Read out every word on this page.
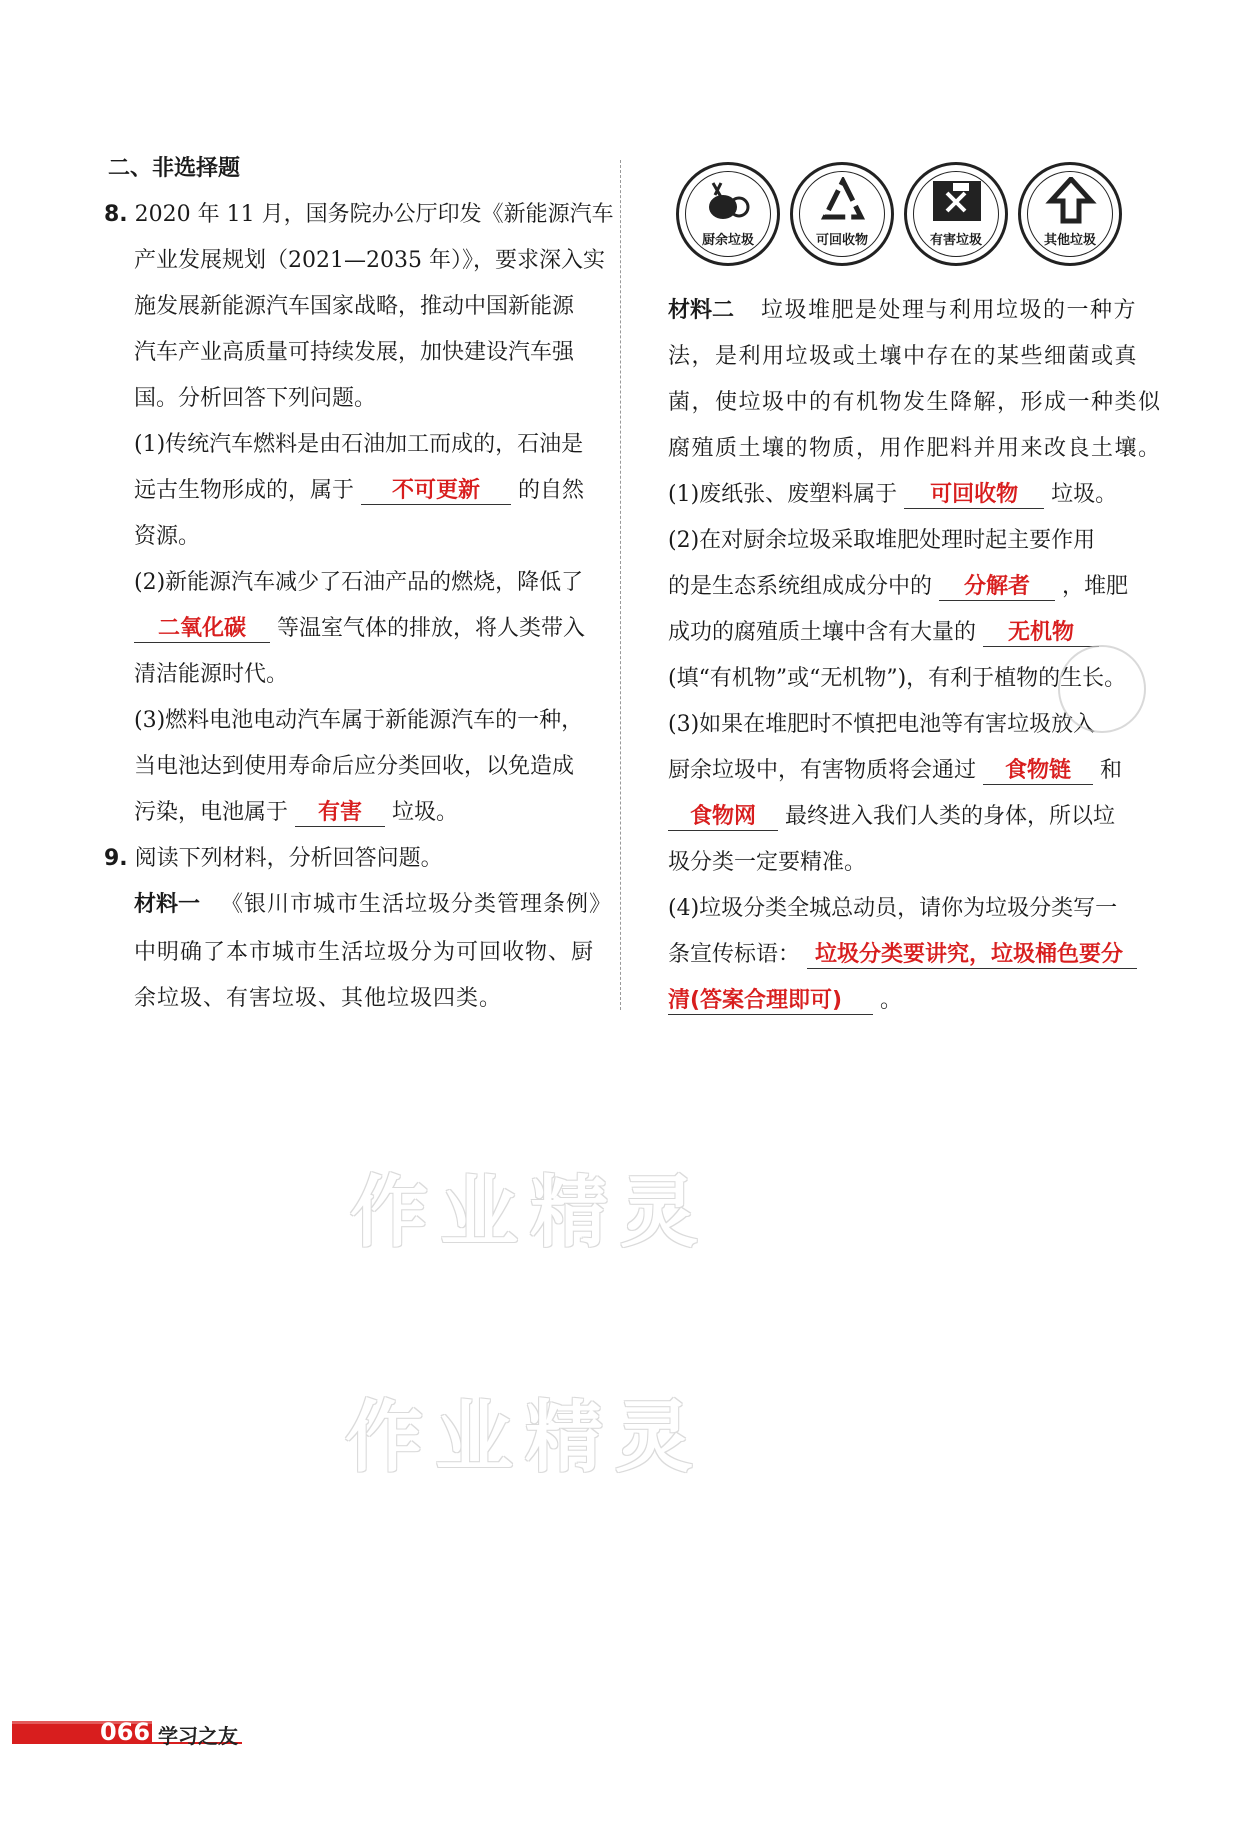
二、非选择题
8. 2020 年 11 月，国务院办公厅印发《新能源汽车
产业发展规划（2021—2035 年）》，要求深入实
施发展新能源汽车国家战略，推动中国新能源
汽车产业高质量可持续发展，加快建设汽车强
国。分析回答下列问题。
(1)传统汽车燃料是由石油加工而成的，石油是
远古生物形成的，属于 不可更新 的自然
资源。
(2)新能源汽车减少了石油产品的燃烧，降低了
二氧化碳 等温室气体的排放，将人类带入
清洁能源时代。
(3)燃料电池电动汽车属于新能源汽车的一种，
当电池达到使用寿命后应分类回收，以免造成
污染，电池属于 有害 垃圾。
9. 阅读下列材料，分析回答问题。
材料一 《银川市城市生活垃圾分类管理条例》
中明确了本市城市生活垃圾分为可回收物、厨
余垃圾、有害垃圾、其他垃圾四类。
厨余垃圾	可回收物	有害垃圾	其他垃圾
材料二 垃圾堆肥是处理与利用垃圾的一种方
法，是利用垃圾或土壤中存在的某些细菌或真
菌，使垃圾中的有机物发生降解，形成一种类似
腐殖质土壤的物质，用作肥料并用来改良土壤。
(1)废纸张、废塑料属于 可回收物 垃圾。
(2)在对厨余垃圾采取堆肥处理时起主要作用
的是生态系统组成成分中的 分解者 ，堆肥
成功的腐殖质土壤中含有大量的 无机物
(填“有机物”或“无机物”)，有利于植物的生长。
(3)如果在堆肥时不慎把电池等有害垃圾放入
厨余垃圾中，有害物质将会通过 食物链 和
食物网 最终进入我们人类的身体，所以垃
圾分类一定要精准。
(4)垃圾分类全城总动员，请你为垃圾分类写一
条宣传标语： 垃圾分类要讲究，垃圾桶色要分
清(答案合理即可) 。
作业精灵
作业精灵
066 学习之友
